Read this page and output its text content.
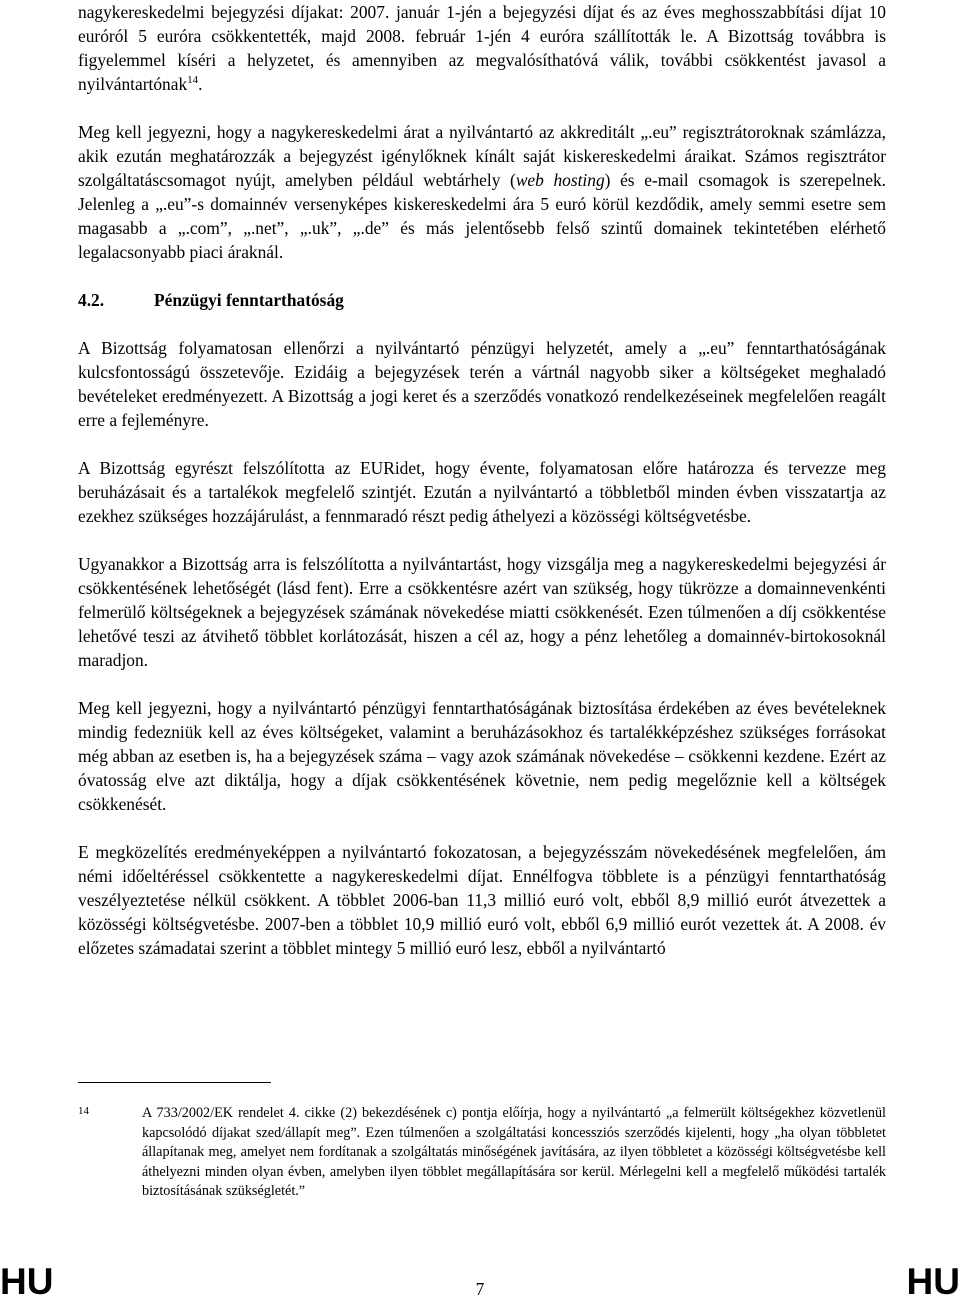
nagykereskedelmi bejegyzési díjakat: 2007. január 1-jén a bejegyzési díjat és az éves meghosszabbítási díjat 10 euróról 5 euróra csökkentették, majd 2008. február 1-jén 4 euróra szállították le. A Bizottság továbbra is figyelemmel kíséri a helyzetet, és amennyiben az megvalósíthatóvá válik, további csökkentést javasol a nyilvántartónak$^{14}$.

Meg kell jegyezni, hogy a nagykereskedelmi árat a nyilvántartó az akkreditált „.eu” regisztrátoroknak számlázza, akik ezután meghatározzák a bejegyzést igénylőknek kínált saját kiskereskedelmi áraikat. Számos regisztrátor szolgáltatáscsomagot nyújt, amelyben például webtárhely (web hosting) és e-mail csomagok is szerepelnek. Jelenleg a „.eu”-s domainnév versenyképes kiskereskedelmi ára 5 euró körül kezdődik, amely semmi esetre sem magasabb a „.com”, „.net”, „.uk”, „.de” és más jelentősebb felső szintű domainek tekintetében elérhető legalacsonyabb piaci áraknál.

4.2.	Pénzügyi fenntarthatóság

A Bizottság folyamatosan ellenőrzi a nyilvántartó pénzügyi helyzetét, amely a „.eu” fenntarthatóságának kulcsfontosságú összetevője. Ezidáig a bejegyzések terén a vártnál nagyobb siker a költségeket meghaladó bevételeket eredményezett. A Bizottság a jogi keret és a szerződés vonatkozó rendelkezéseinek megfelelően reagált erre a fejleményre.

A Bizottság egyrészt felszólította az EURidet, hogy évente, folyamatosan előre határozza és tervezze meg beruházásait és a tartalékok megfelelő szintjét. Ezután a nyilvántartó a többletből minden évben visszatartja az ezekhez szükséges hozzájárulást, a fennmaradó részt pedig áthelyezi a közösségi költségvetésbe.

Ugyanakkor a Bizottság arra is felszólította a nyilvántartást, hogy vizsgálja meg a nagykereskedelmi bejegyzési ár csökkentésének lehetőségét (lásd fent). Erre a csökkentésre azért van szükség, hogy tükrözze a domainnevenkénti felmerülő költségeknek a bejegyzések számának növekedése miatti csökkenését. Ezen túlmenően a díj csökkentése lehetővé teszi az átvihető többlet korlátozását, hiszen a cél az, hogy a pénz lehetőleg a domainnév-birtokosoknál maradjon.

Meg kell jegyezni, hogy a nyilvántartó pénzügyi fenntarthatóságának biztosítása érdekében az éves bevételeknek mindig fedezniük kell az éves költségeket, valamint a beruházásokhoz és tartalékképzéshez szükséges forrásokat még abban az esetben is, ha a bejegyzések száma – vagy azok számának növekedése – csökkenni kezdene. Ezért az óvatosság elve azt diktálja, hogy a díjak csökkentésének követnie, nem pedig megelőznie kell a költségek csökkenését.

E megközelítés eredményeképpen a nyilvántartó fokozatosan, a bejegyzésszám növekedésének megfelelően, ám némi időeltéréssel csökkentette a nagykereskedelmi díjat. Ennélfogva többlete is a pénzügyi fenntarthatóság veszélyeztetése nélkül csökkent. A többlet 2006-ban 11,3 millió euró volt, ebből 8,9 millió eurót átvezettek a közösségi költségvetésbe. 2007-ben a többlet 10,9 millió euró volt, ebből 6,9 millió eurót vezettek át. A 2008. év előzetes számadatai szerint a többlet mintegy 5 millió euró lesz, ebből a nyilvántartó

14	A 733/2002/EK rendelet 4. cikke (2) bekezdésének c) pontja előírja, hogy a nyilvántartó „a felmerült költségekhez közvetlenül kapcsolódó díjakat szed/állapít meg”. Ezen túlmenően a szolgáltatási koncessziós szerződés kijelenti, hogy „ha olyan többletet állapítanak meg, amelyet nem fordítanak a szolgáltatás minőségének javítására, az ilyen többletet a közösségi költségvetésbe kell áthelyezni minden olyan évben, amelyben ilyen többlet megállapítására sor kerül. Mérlegelni kell a megfelelő működési tartalék biztosításának szükségletét.”
HU	7	HU
